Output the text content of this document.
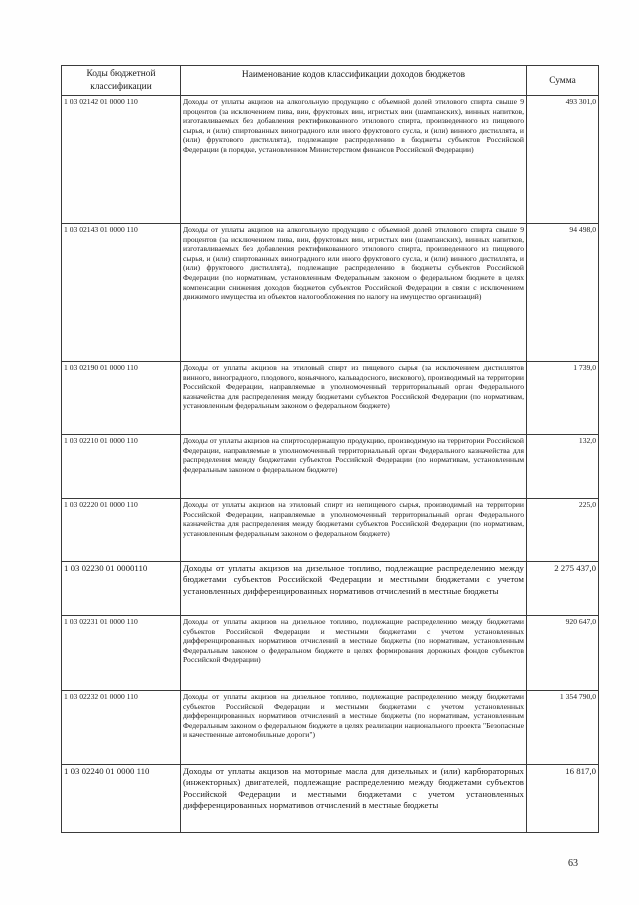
Коды бюджетной классификации	Наименование кодов классификации доходов бюджетов	Сумма
1 03 02142 01 0000 110	Доходы от уплаты акцизов на алкогольную продукцию с объемной долей этилового спирта свыше 9 процентов (за исключением пива, вин, фруктовых вин, игристых вин (шампанских), винных напитков, изготавливаемых без добавления ректификованного этилового спирта, произведенного из пищевого сырья, и (или) спиртованных виноградного или иного фруктового сусла, и (или) винного дистиллята, и (или) фруктового дистиллята), подлежащие распределению в бюджеты субъектов Российской Федерации (в порядке, установленном Министерством финансов Российской Федерации)	493 301,0
1 03 02143 01 0000 110	Доходы от уплаты акцизов на алкогольную продукцию с объемной долей этилового спирта свыше 9 процентов (за исключением пива, вин, фруктовых вин, игристых вин (шампанских), винных напитков, изготавливаемых без добавления ректификованного этилового спирта, произведенного из пищевого сырья, и (или) спиртованных виноградного или иного фруктового сусла, и (или) винного дистиллята, и (или) фруктового дистиллята), подлежащие распределению в бюджеты субъектов Российской Федерации (по нормативам, установленным Федеральным законом о федеральном бюджете в целях компенсации снижения доходов бюджетов субъектов Российской Федерации в связи с исключением движимого имущества из объектов налогообложения по налогу на имущество организаций)	94 498,0
1 03 02190 01 0000 110	Доходы от уплаты акцизов на этиловый спирт из пищевого сырья (за исключением дистиллятов винного, виноградного, плодового, коньячного, кальвадосного, вискового), производимый на территории Российской Федерации, направляемые в уполномоченный территориальный орган Федерального казначейства для распределения между бюджетами субъектов Российской Федерации (по нормативам, установленным федеральным законом о федеральном бюджете)	1 739,0
1 03 02210 01 0000 110	Доходы от уплаты акцизов на спиртосодержащую продукцию, производимую на территории Российской Федерации, направляемые в уполномоченный территориальный орган Федерального казначейства для распределения между бюджетами субъектов Российской Федерации (по нормативам, установленным федеральным законом о федеральном бюджете)	132,0
1 03 02220 01 0000 110	Доходы от уплаты акцизов на этиловый спирт из непищевого сырья, производимый на территории Российской Федерации, направляемые в уполномоченный территориальный орган Федерального казначейства для распределения между бюджетами субъектов Российской Федерации (по нормативам, установленным федеральным законом о федеральном бюджете)	225,0
1 03 02230 01 0000110	Доходы от уплаты акцизов на дизельное топливо, подлежащие распределению между бюджетами субъектов Российской Федерации и местными бюджетами с учетом установленных дифференцированных нормативов отчислений в местные бюджеты	2 275 437,0
1 03 02231 01 0000 110	Доходы от уплаты акцизов на дизельное топливо, подлежащие распределению между бюджетами субъектов Российской Федерации и местными бюджетами с учетом установленных дифференцированных нормативов отчислений в местные бюджеты (по нормативам, установленным Федеральным законом о федеральном бюджете в целях формирования дорожных фондов субъектов Российской Федерации)	920 647,0
1 03 02232 01 0000 110	Доходы от уплаты акцизов на дизельное топливо, подлежащие распределению между бюджетами субъектов Российской Федерации и местными бюджетами с учетом установленных дифференцированных нормативов отчислений в местные бюджеты (по нормативам, установленным Федеральным законом о федеральном бюджете в целях реализации национального проекта "Безопасные и качественные автомобильные дороги")	1 354 790,0
1 03 02240 01 0000 110	Доходы от уплаты акцизов на моторные масла для дизельных и (или) карбюраторных (инжекторных) двигателей, подлежащие распределению между бюджетами субъектов Российской Федерации и местными бюджетами с учетом установленных дифференцированных нормативов отчислений в местные бюджеты	16 817,0
63
